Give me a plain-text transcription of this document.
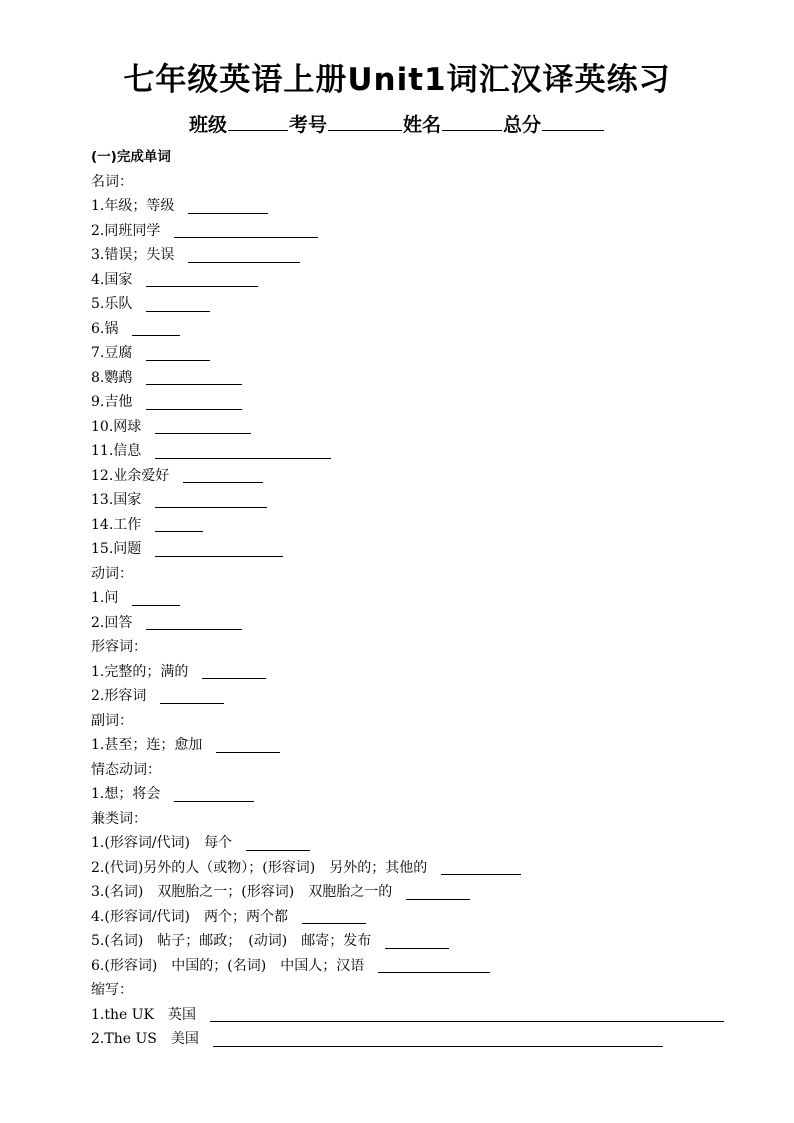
七年级英语上册Unit1词汇汉译英练习
班级	考号	姓名	总分
(一)完成单词
名词：
1.年级；等级
2.同班同学
3.错误；失误
4.国家
5.乐队
6.锅
7.豆腐
8.鹦鹉
9.吉他
10.网球
11.信息
12.业余爱好
13.国家
14.工作
15.问题
动词：
1.问
2.回答
形容词：
1.完整的；满的
2.形容词
副词：
1.甚至；连；愈加
情态动词：
1.想；将会
兼类词：
1.(形容词/代词)　每个
2.(代词)另外的人（或物）；(形容词)　另外的；其他的
3.(名词)　双胞胎之一；(形容词)　双胞胎之一的
4.(形容词/代词)　两个；两个都
5.(名词)　帖子；邮政；　(动词)　邮寄；发布
6.(形容词)　中国的；(名词)　中国人；汉语
缩写：
1.the UK　英国
2.The US　美国
